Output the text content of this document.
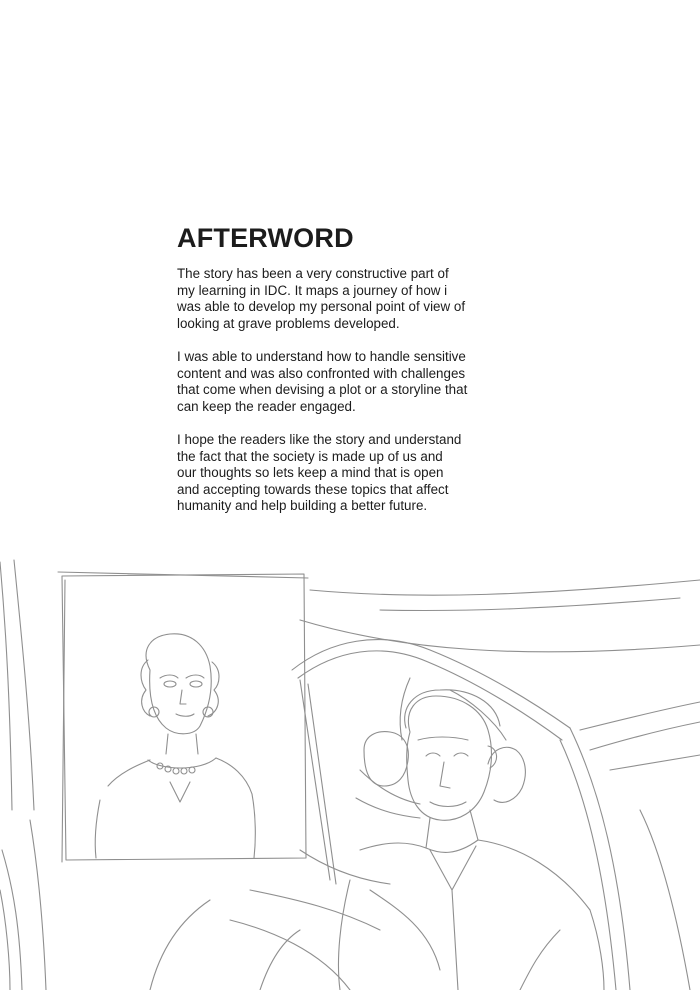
AFTERWORD

The story has been a very constructive part of
my learning in IDC. It maps a journey of how i
was able to develop my personal point of view of
looking at grave problems developed.

I was able to understand how to handle sensitive
content and was also confronted with challenges
that come when devising a plot or a storyline that
can keep the reader engaged.

I hope the readers like the story and understand
the fact that the society is made up of us and
our thoughts so lets keep a mind that is open
and accepting towards these topics that affect
humanity and help building a better future.
